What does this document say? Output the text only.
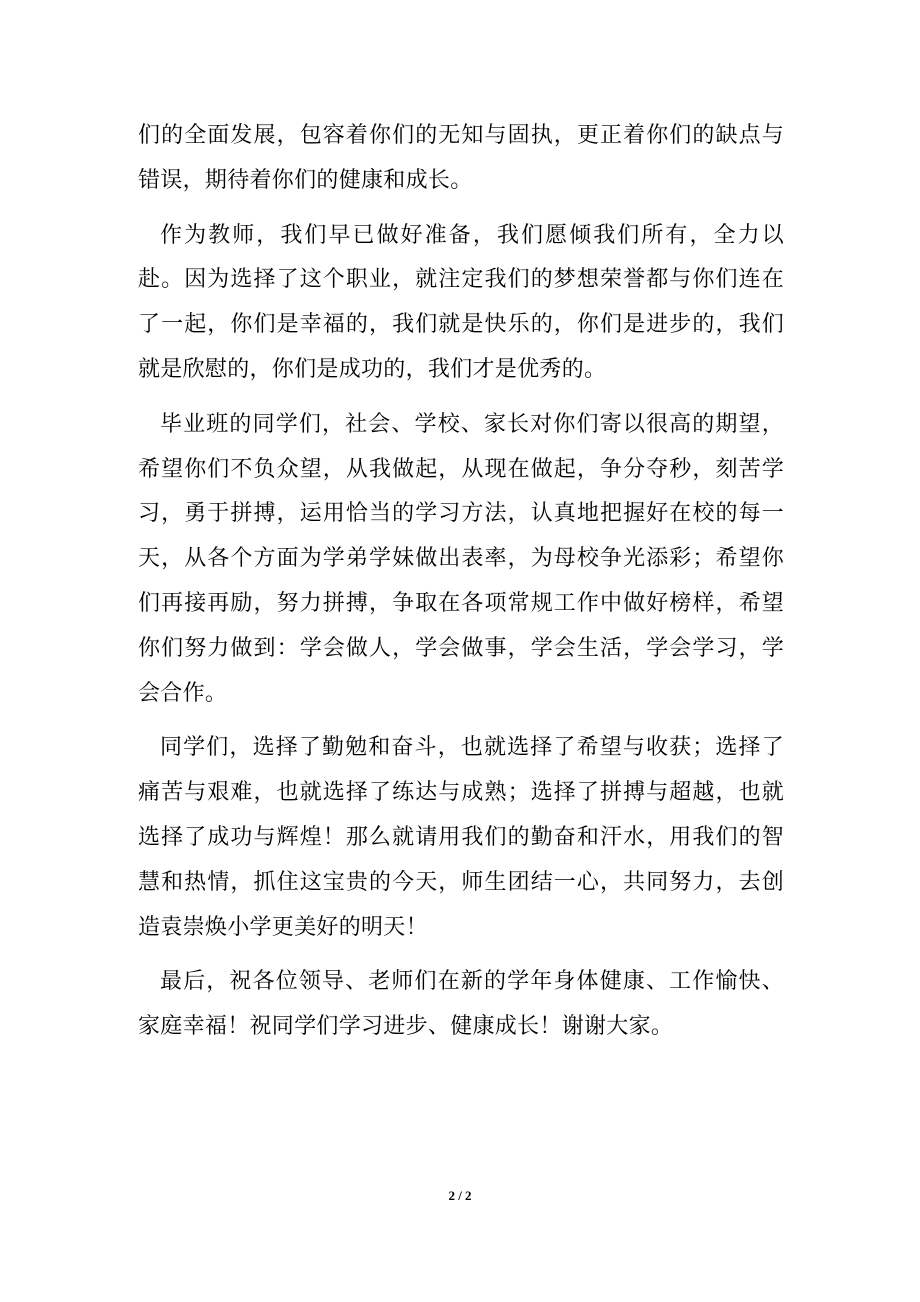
们的全面发展，包容着你们的无知与固执，更正着你们的缺点与错误，期待着你们的健康和成长。

作为教师，我们早已做好准备，我们愿倾我们所有，全力以赴。因为选择了这个职业，就注定我们的梦想荣誉都与你们连在了一起，你们是幸福的，我们就是快乐的，你们是进步的，我们就是欣慰的，你们是成功的，我们才是优秀的。

毕业班的同学们，社会、学校、家长对你们寄以很高的期望，希望你们不负众望，从我做起，从现在做起，争分夺秒，刻苦学习，勇于拼搏，运用恰当的学习方法，认真地把握好在校的每一天，从各个方面为学弟学妹做出表率，为母校争光添彩；希望你们再接再励，努力拼搏，争取在各项常规工作中做好榜样，希望你们努力做到：学会做人，学会做事，学会生活，学会学习，学会合作。

同学们，选择了勤勉和奋斗，也就选择了希望与收获；选择了痛苦与艰难，也就选择了练达与成熟；选择了拼搏与超越，也就选择了成功与辉煌！那么就请用我们的勤奋和汗水，用我们的智慧和热情，抓住这宝贵的今天，师生团结一心，共同努力，去创造袁崇焕小学更美好的明天！

最后，祝各位领导、老师们在新的学年身体健康、工作愉快、家庭幸福！祝同学们学习进步、健康成长！谢谢大家。

2 / 2
